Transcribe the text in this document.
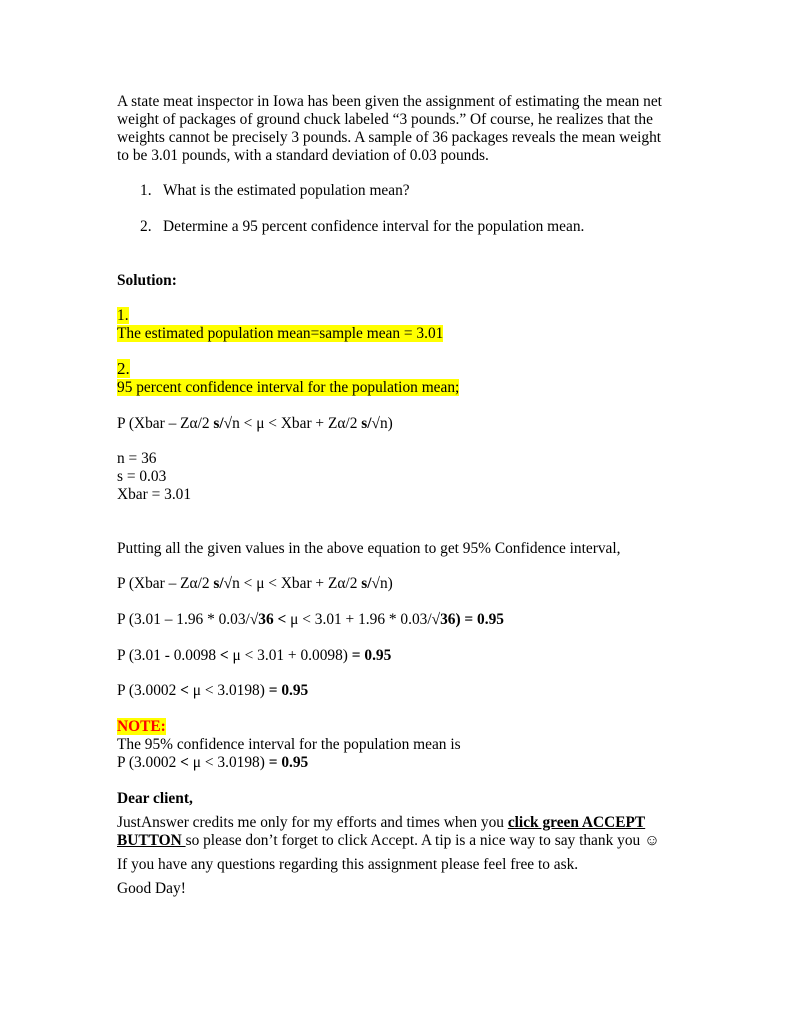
A state meat inspector in Iowa has been given the assignment of estimating the mean net
weight of packages of ground chuck labeled “3 pounds.” Of course, he realizes that the
weights cannot be precisely 3 pounds. A sample of 36 packages reveals the mean weight
to be 3.01 pounds, with a standard deviation of 0.03 pounds.
1. What is the estimated population mean?
2. Determine a 95 percent confidence interval for the population mean.
Solution:
1.
The estimated population mean=sample mean = 3.01
2.
95 percent confidence interval for the population mean;
P (Xbar – Zα/2 s/√n < μ < Xbar + Zα/2 s/√n)
n = 36
s = 0.03
Xbar = 3.01
Putting all the given values in the above equation to get 95% Confidence interval,
P (Xbar – Zα/2 s/√n < μ < Xbar + Zα/2 s/√n)
P (3.01 – 1.96 * 0.03/√36 < μ < 3.01 + 1.96 * 0.03/√36) = 0.95
P (3.01 - 0.0098 < μ < 3.01 + 0.0098) = 0.95
P (3.0002 < μ < 3.0198) = 0.95
NOTE:
The 95% confidence interval for the population mean is
P (3.0002 < μ < 3.0198) = 0.95
Dear client,
JustAnswer credits me only for my efforts and times when you click green ACCEPT
BUTTON so please don’t forget to click Accept. A tip is a nice way to say thank you ☺
If you have any questions regarding this assignment please feel free to ask.
Good Day!
